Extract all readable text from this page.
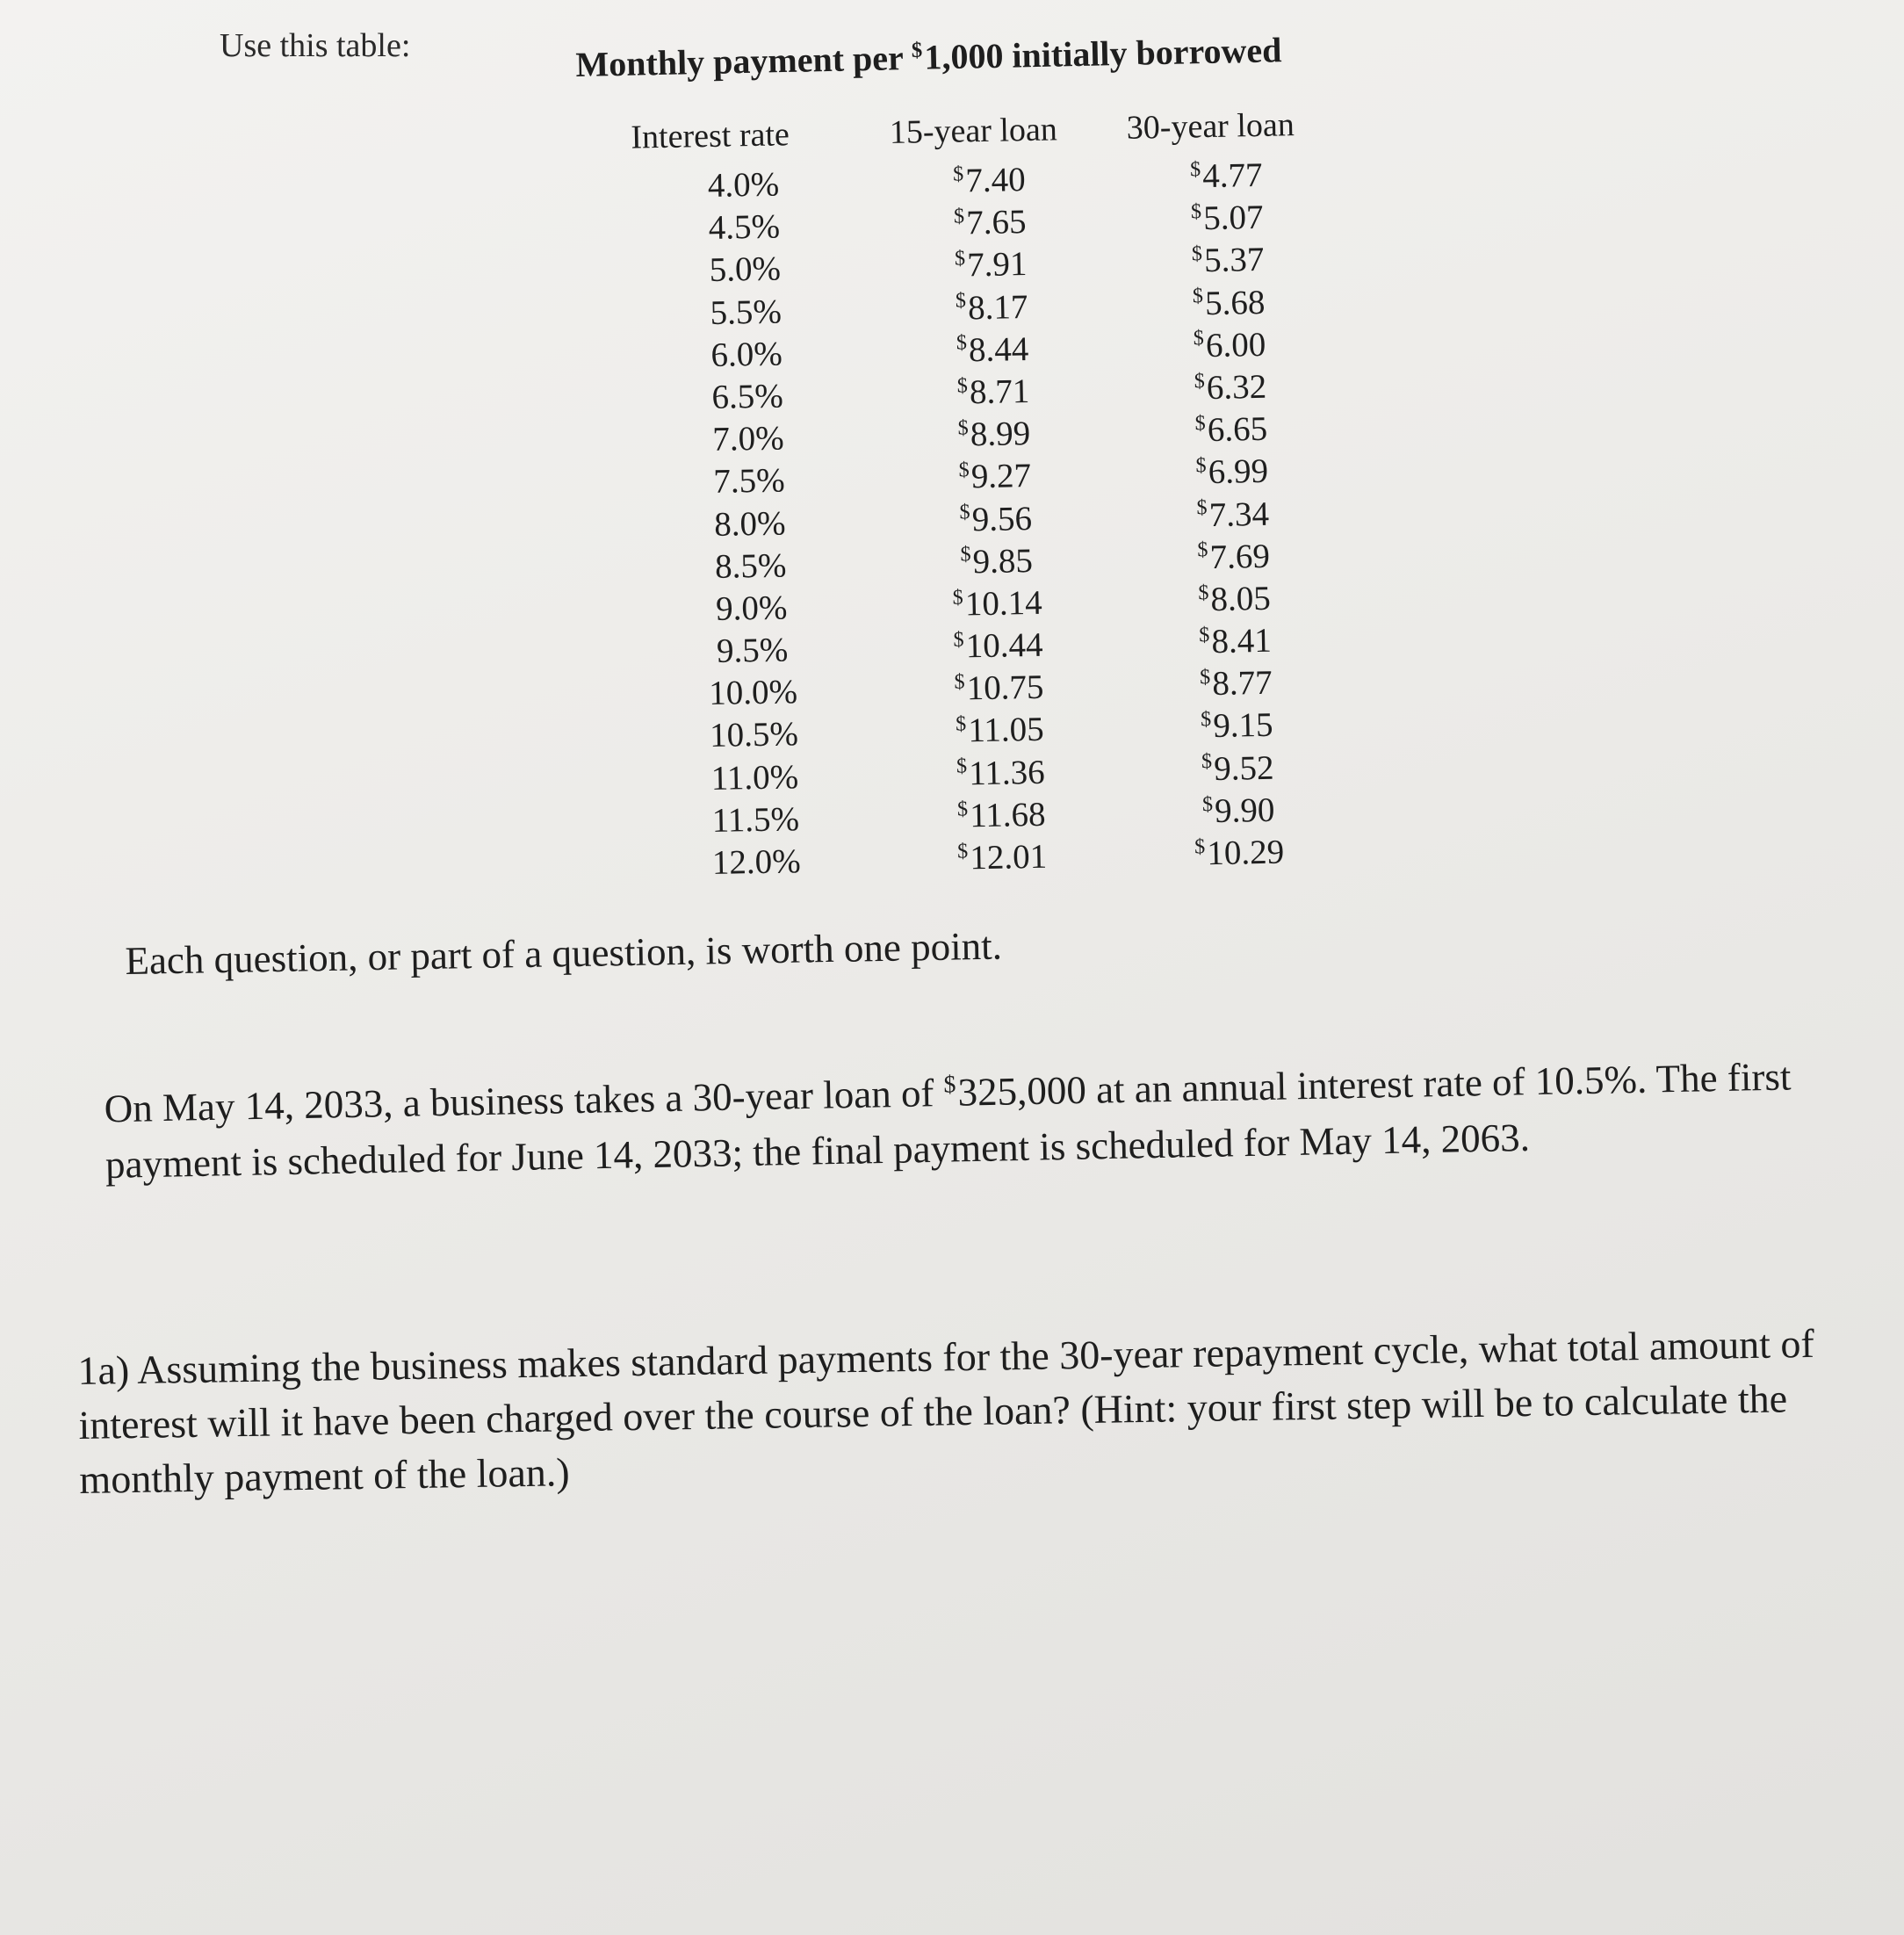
Use this table:	Monthly payment per $1,000 initially borrowed
Interest rate	15-year loan	30-year loan
4.0%	$7.40	$4.77
4.5%	$7.65	$5.07
5.0%	$7.91	$5.37
5.5%	$8.17	$5.68
6.0%	$8.44	$6.00
6.5%	$8.71	$6.32
7.0%	$8.99	$6.65
7.5%	$9.27	$6.99
8.0%	$9.56	$7.34
8.5%	$9.85	$7.69
9.0%	$10.14	$8.05
9.5%	$10.44	$8.41
10.0%	$10.75	$8.77
10.5%	$11.05	$9.15
11.0%	$11.36	$9.52
11.5%	$11.68	$9.90
12.0%	$12.01	$10.29
Each question, or part of a question, is worth one point.
On May 14, 2033, a business takes a 30-year loan of $325,000 at an annual interest rate of 10.5%. The first payment is scheduled for June 14, 2033; the final payment is scheduled for May 14, 2063.
1a) Assuming the business makes standard payments for the 30-year repayment cycle, what total amount of interest will it have been charged over the course of the loan? (Hint: your first step will be to calculate the monthly payment of the loan.)
